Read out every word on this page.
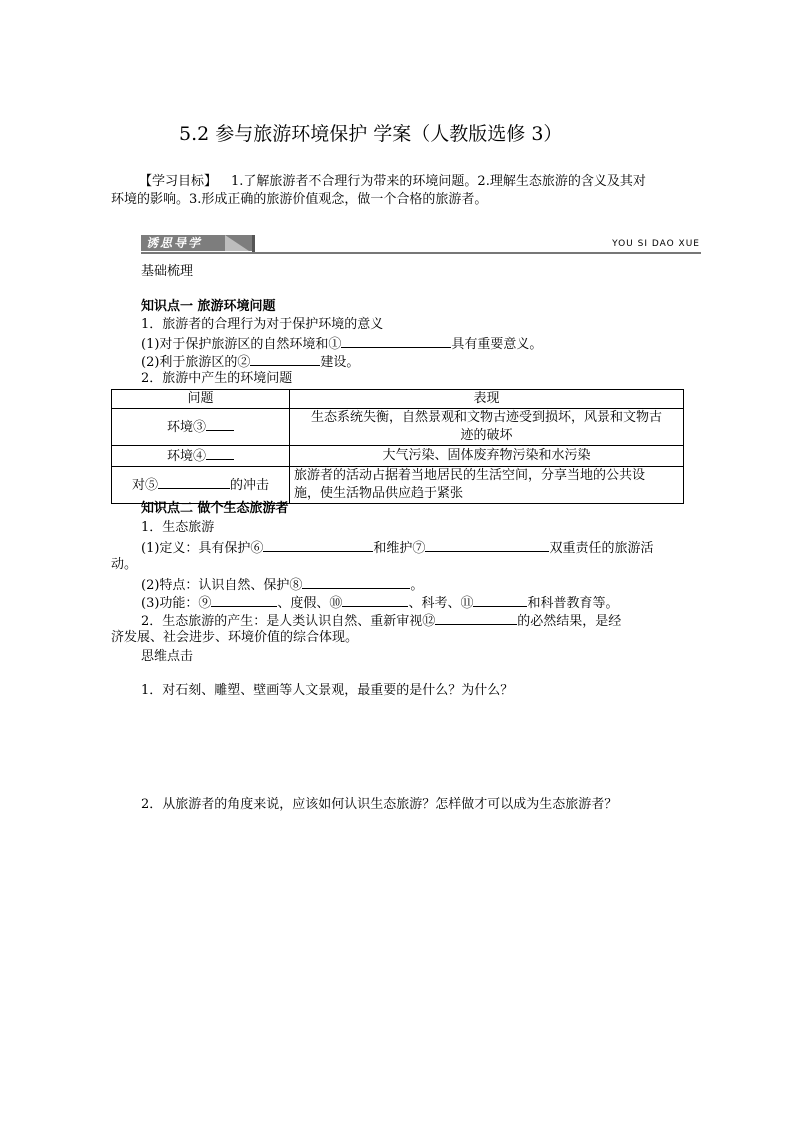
5.2 参与旅游环境保护 学案（人教版选修 3）
【学习目标】 1.了解旅游者不合理行为带来的环境问题。2.理解生态旅游的含义及其对
环境的影响。3.形成正确的旅游价值观念，做一个合格的旅游者。
诱思导学	YOU SI DAO XUE
基础梳理
知识点一 旅游环境问题
1．旅游者的合理行为对于保护环境的意义
(1)对于保护旅游区的自然环境和①	具有重要意义。
(2)利于旅游区的②	建设。
2．旅游中产生的环境问题
问题	表现
环境③	生态系统失衡，自然景观和文物古迹受到损坏，风景和文物古
迹的破坏

环境④	大气污染、固体废弃物污染和水污染
对⑤ 的冲击	旅游者的活动占据着当地居民的生活空间，分享当地的公共设
施，使生活物品供应趋于紧张
知识点二 做个生态旅游者
1．生态旅游
(1)定义：具有保护⑥	和维护⑦	双重责任的旅游活
动。
(2)特点：认识自然、保护⑧	。
(3)功能：⑨	、度假、⑩	、科考、⑪	和科普教育等。
2．生态旅游的产生：是人类认识自然、重新审视⑫	的必然结果，是经
济发展、社会进步、环境价值的综合体现。
思维点击
1．对石刻、雕塑、壁画等人文景观，最重要的是什么？为什么？
2．从旅游者的角度来说，应该如何认识生态旅游？怎样做才可以成为生态旅游者？
